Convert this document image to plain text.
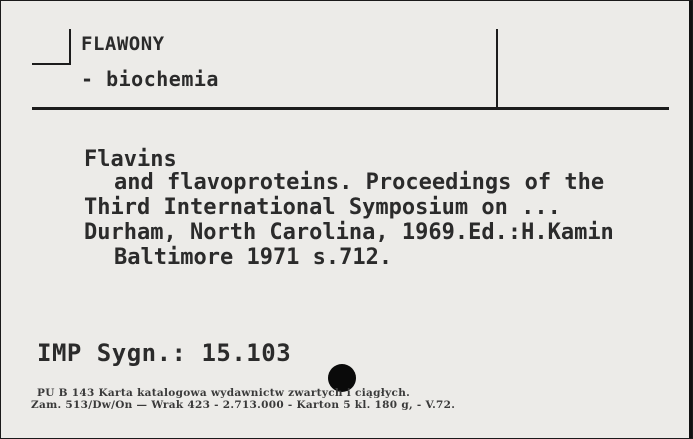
FLAWONY
- biochemia
Flavins
and flavoproteins. Proceedings of the
Third International Symposium on ...
Durham, North Carolina, 1969.Ed.:H.Kamin
Baltimore 1971 s.712.
IMP Sygn.: 15.103
PU B 143 Karta katalogowa wydawnictw zwartych i ciągłych.
Zam. 513/Dw/On — Wrak 423 - 2.713.000 - Karton 5 kl. 180 g, - V.72.
